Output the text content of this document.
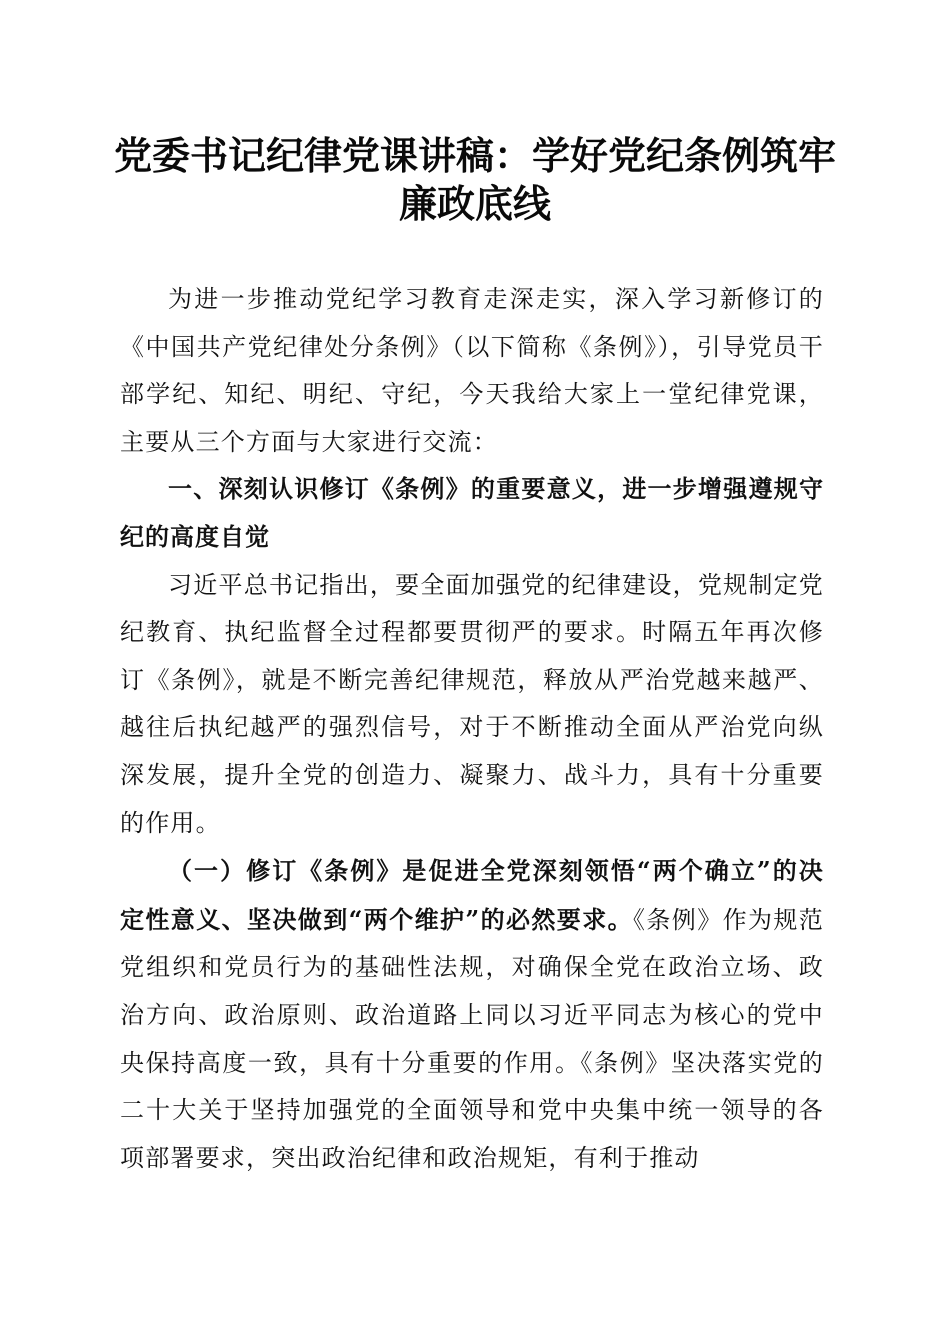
党委书记纪律党课讲稿：学好党纪条例筑牢廉政底线

为进一步推动党纪学习教育走深走实，深入学习新修订的《中国共产党纪律处分条例》（以下简称《条例》），引导党员干部学纪、知纪、明纪、守纪，今天我给大家上一堂纪律党课，主要从三个方面与大家进行交流：

一、深刻认识修订《条例》的重要意义，进一步增强遵规守纪的高度自觉

习近平总书记指出，要全面加强党的纪律建设，党规制定党纪教育、执纪监督全过程都要贯彻严的要求。时隔五年再次修订《条例》，就是不断完善纪律规范，释放从严治党越来越严、越往后执纪越严的强烈信号，对于不断推动全面从严治党向纵深发展，提升全党的创造力、凝聚力、战斗力，具有十分重要的作用。

（一）修订《条例》是促进全党深刻领悟“两个确立”的决定性意义、坚决做到“两个维护”的必然要求。《条例》作为规范党组织和党员行为的基础性法规，对确保全党在政治立场、政治方向、政治原则、政治道路上同以习近平同志为核心的党中央保持高度一致，具有十分重要的作用。《条例》坚决落实党的二十大关于坚持加强党的全面领导和党中央集中统一领导的各项部署要求，突出政治纪律和政治规矩，有利于推动
